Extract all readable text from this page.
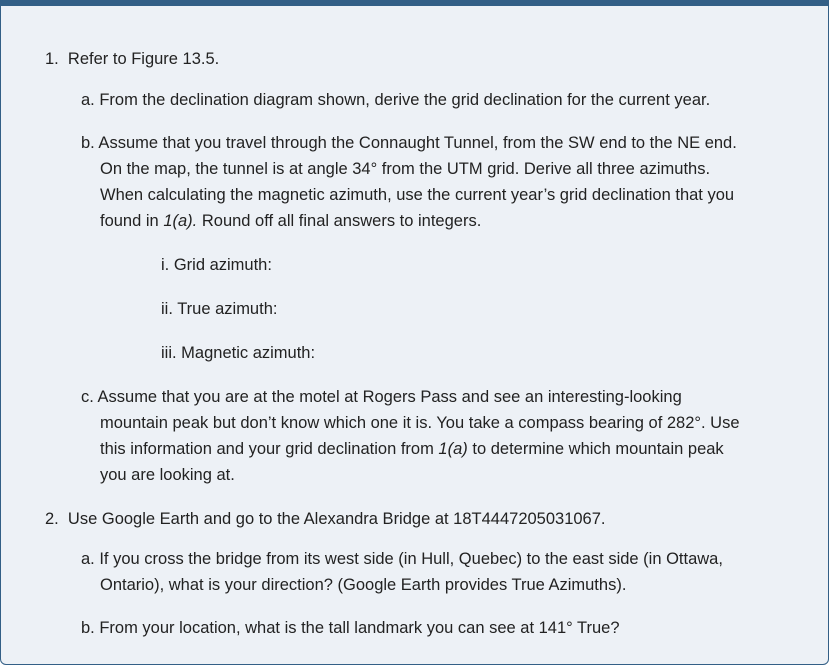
1.  Refer to Figure 13.5.

a. From the declination diagram shown, derive the grid declination for the current year.

b. Assume that you travel through the Connaught Tunnel, from the SW end to the NE end.
On the map, the tunnel is at angle 34° from the UTM grid. Derive all three azimuths.
When calculating the magnetic azimuth, use the current year’s grid declination that you
found in 1(a). Round off all final answers to integers.

i. Grid azimuth:

ii. True azimuth:

iii. Magnetic azimuth:

c. Assume that you are at the motel at Rogers Pass and see an interesting-looking
mountain peak but don’t know which one it is. You take a compass bearing of 282°. Use
this information and your grid declination from 1(a) to determine which mountain peak
you are looking at.

2.  Use Google Earth and go to the Alexandra Bridge at 18T4447205031067.

a. If you cross the bridge from its west side (in Hull, Quebec) to the east side (in Ottawa,
Ontario), what is your direction? (Google Earth provides True Azimuths).

b. From your location, what is the tall landmark you can see at 141° True?
